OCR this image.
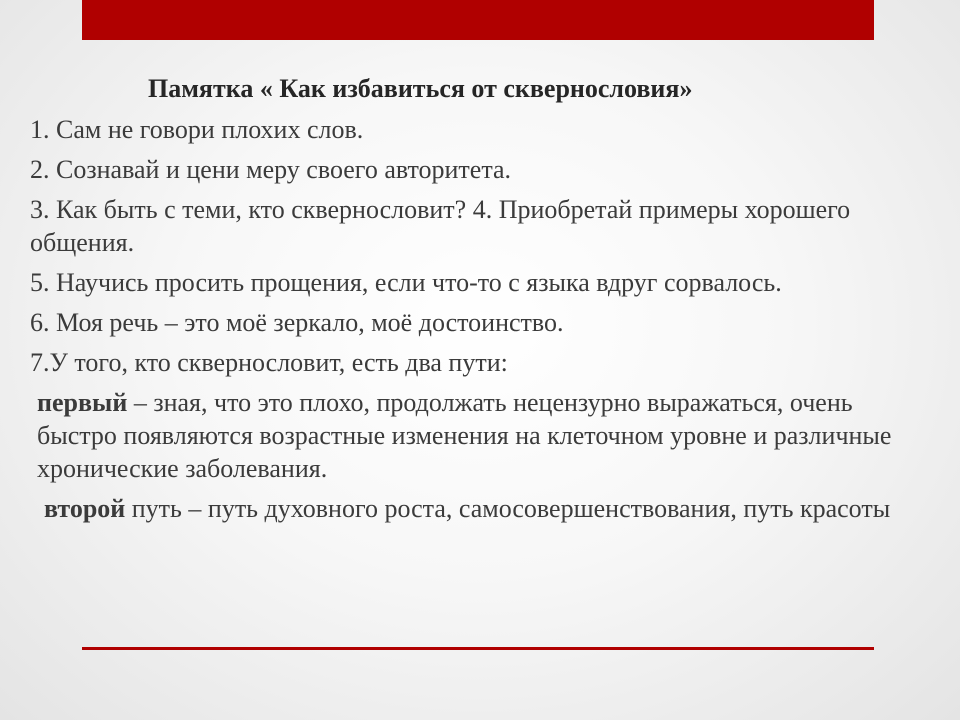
Памятка « Как избавиться от сквернословия»
1. Сам не говори плохих слов.
2. Сознавай и цени меру своего авторитета.
3. Как быть с теми, кто сквернословит? 4. Приобретай примеры хорошего общения.
5. Научись просить прощения, если что-то с языка вдруг сорвалось.
6. Моя речь – это моё зеркало, моё достоинство.
7.У того, кто сквернословит, есть два пути:
первый – зная, что это плохо, продолжать нецензурно выражаться, очень быстро появляются возрастные изменения на клеточном уровне и различные хронические заболевания.
второй путь – путь духовного роста, самосовершенствования, путь красоты
